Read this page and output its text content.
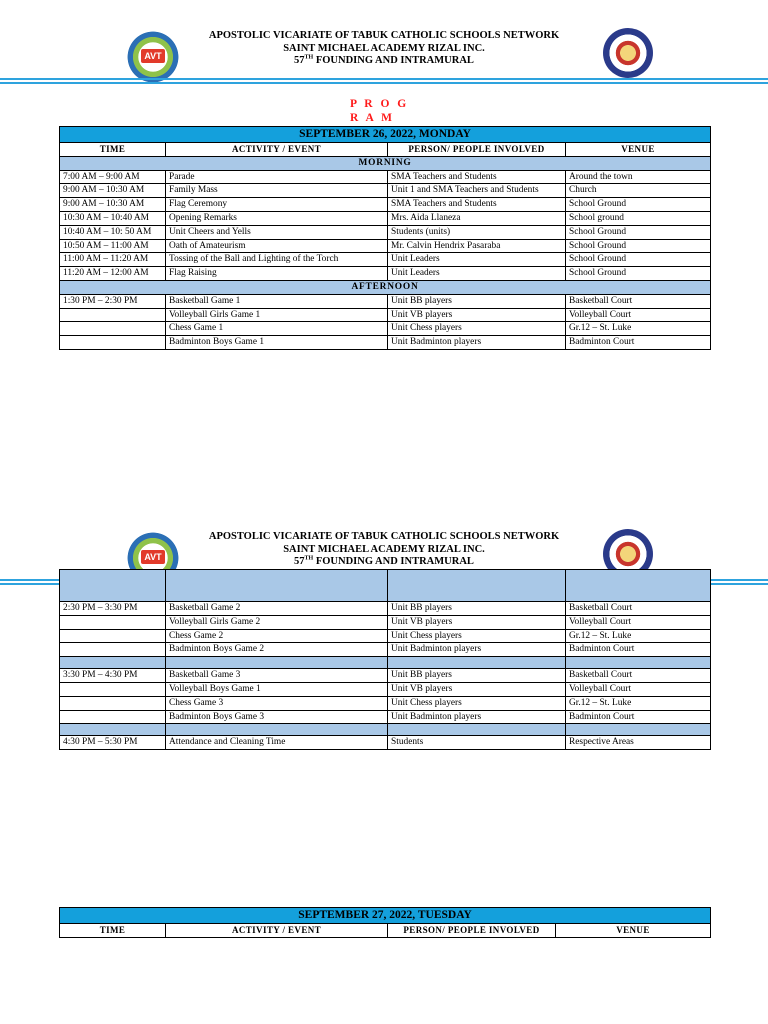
AVT
APOSTOLIC VICARIATE OF TABUK CATHOLIC SCHOOLS NETWORK
SAINT MICHAEL ACADEMY RIZAL INC.
57TH FOUNDING AND INTRAMURAL
P R O G R A M
SEPTEMBER 26, 2022, MONDAY			
TIME	ACTIVITY / EVENT	PERSON/ PEOPLE INVOLVED	VENUE
MORNING			
7:00 AM – 9:00 AM	Parade	SMA Teachers and Students	Around the town
9:00 AM – 10:30 AM	Family Mass	Unit 1 and SMA Teachers and Students	Church
9:00 AM – 10:30 AM	Flag Ceremony	SMA Teachers and Students	School Ground
10:30 AM – 10:40 AM	Opening Remarks	Mrs. Aida Llaneza	School ground
10:40 AM – 10: 50 AM	Unit Cheers and Yells	Students (units)	School Ground
10:50 AM – 11:00 AM	Oath of Amateurism	Mr. Calvin Hendrix Pasaraba	School Ground
11:00 AM – 11:20 AM	Tossing of the Ball and Lighting of the Torch	Unit Leaders	School Ground
11:20 AM – 12:00 AM	Flag Raising	Unit Leaders	School Ground
AFTERNOON			
1:30 PM – 2:30 PM	Basketball Game 1	Unit BB players	Basketball Court
	Volleyball Girls Game 1	Unit VB players	Volleyball Court
	Chess Game 1	Unit Chess players	Gr.12 – St. Luke
	Badminton Boys Game 1	Unit Badminton players	Badminton Court
AVT
APOSTOLIC VICARIATE OF TABUK CATHOLIC SCHOOLS NETWORK
SAINT MICHAEL ACADEMY RIZAL INC.
57TH FOUNDING AND INTRAMURAL

2:30 PM – 3:30 PM	Basketball Game 2	Unit BB players	Basketball Court
	Volleyball Girls Game 2	Unit VB players	Volleyball Court
	Chess Game 2	Unit Chess players	Gr.12 – St. Luke
	Badminton Boys Game 2	Unit Badminton players	Badminton Court

3:30 PM – 4:30 PM	Basketball Game 3	Unit BB players	Basketball Court
	Volleyball Boys Game 1	Unit VB players	Volleyball Court
	Chess Game 3	Unit Chess players	Gr.12 – St. Luke
	Badminton Boys Game 3	Unit Badminton players	Badminton Court

4:30 PM – 5:30 PM	Attendance and Cleaning Time	Students	Respective Areas
SEPTEMBER 27, 2022, TUESDAY
TIME	ACTIVITY / EVENT	PERSON/ PEOPLE INVOLVED	VENUE
